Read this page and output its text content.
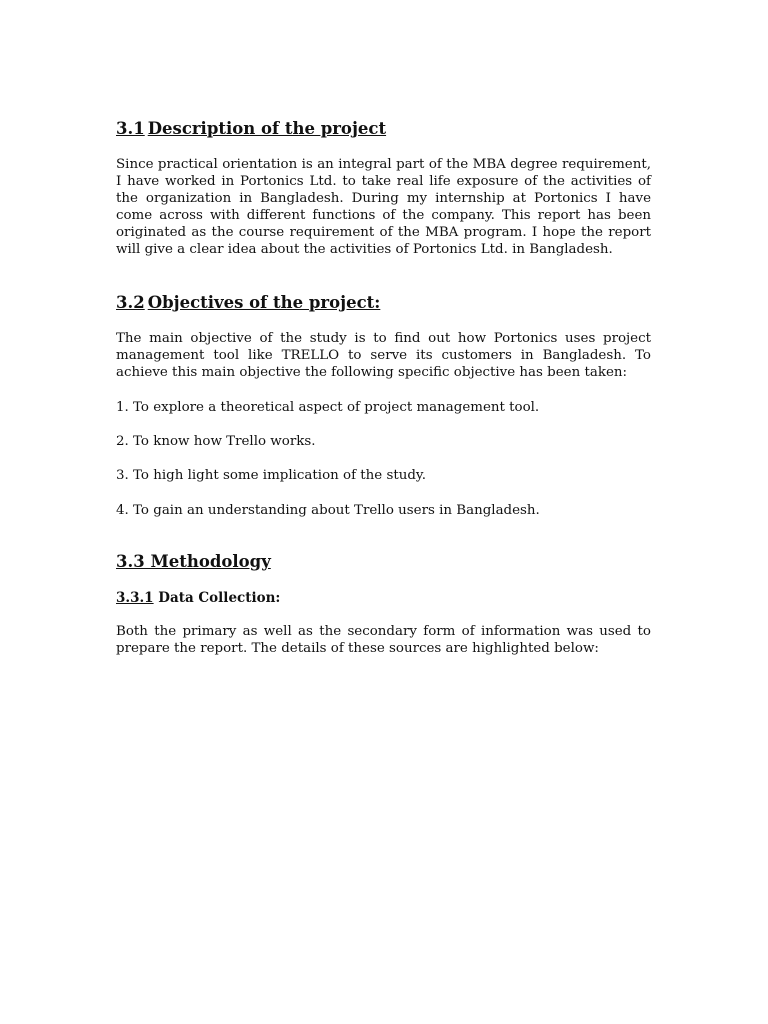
3.1 Description of the project

Since practical orientation is an integral part of the MBA degree requirement, I have worked in Portonics Ltd. to take real life exposure of the activities of the organization in Bangladesh. During my internship at Portonics I have come across with different functions of the company. This report has been originated as the course requirement of the MBA program. I hope the report will give a clear idea about the activities of Portonics Ltd. in Bangladesh.

3.2 Objectives of the project:

The main objective of the study is to find out how Portonics uses project management tool like TRELLO to serve its customers in Bangladesh. To achieve this main objective the following specific objective has been taken:

1. To explore a theoretical aspect of project management tool.

2. To know how Trello works.

3. To high light some implication of the study.

4. To gain an understanding about Trello users in Bangladesh.

3.3 Methodology
3.3.1 Data Collection:

Both the primary as well as the secondary form of information was used to prepare the report. The details of these sources are highlighted below:
